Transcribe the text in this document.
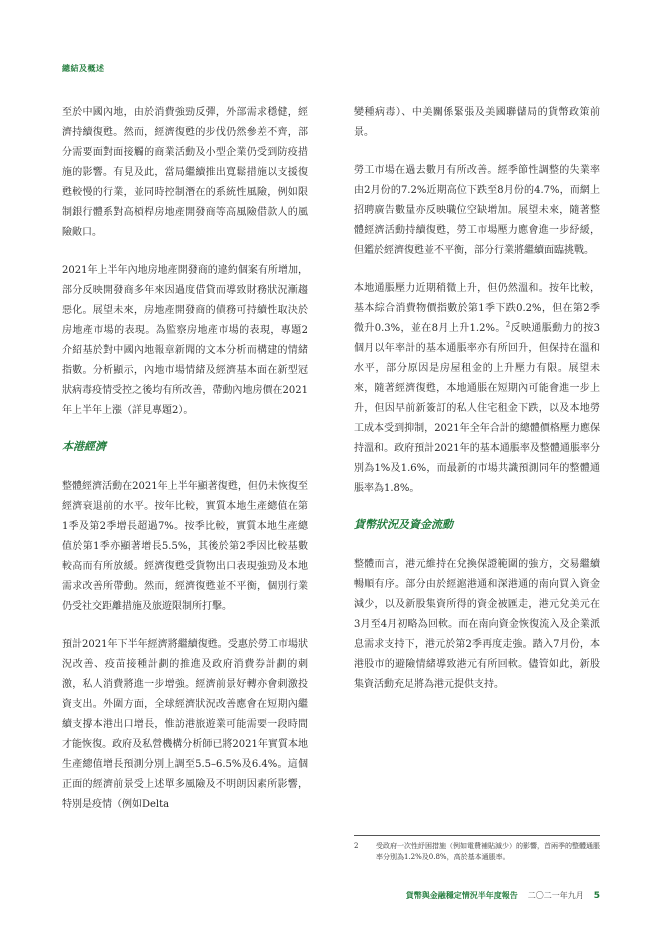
總結及概述

至於中國內地，由於消費強勁反彈，外部需求穩健，經濟持續復甦。然而，經濟復甦的步伐仍然參差不齊，部分需要面對面接觸的商業活動及小型企業仍受到防疫措施的影響。有見及此，當局繼續推出寬鬆措施以支援復甦較慢的行業，並同時控制潛在的系統性風險，例如限制銀行體系對高槓桿房地產開發商等高風險借款人的風險敞口。

2021年上半年內地房地產開發商的違約個案有所增加，部分反映開發商多年來因過度借貸而導致財務狀況漸趨惡化。展望未來，房地產開發商的債務可持續性取決於房地產市場的表現。為監察房地產市場的表現，專題2介紹基於對中國內地報章新聞的文本分析而構建的情緒指數。分析顯示，內地市場情緒及經濟基本面在新型冠狀病毒疫情受控之後均有所改善，帶動內地房價在2021年上半年上漲（詳見專題2）。

本港經濟

整體經濟活動在2021年上半年顯著復甦，但仍未恢復至經濟衰退前的水平。按年比較，實質本地生產總值在第1季及第2季增長超過7%。按季比較，實質本地生產總值於第1季亦顯著增長5.5%，其後於第2季因比較基數較高而有所放緩。經濟復甦受貨物出口表現強勁及本地需求改善所帶動。然而，經濟復甦並不平衡，個別行業仍受社交距離措施及旅遊限制所打擊。

預計2021年下半年經濟將繼續復甦。受惠於勞工市場狀況改善、疫苗接種計劃的推進及政府消費券計劃的刺激，私人消費將進一步增強。經濟前景好轉亦會刺激投資支出。外圍方面，全球經濟狀況改善應會在短期內繼續支撐本港出口增長，惟訪港旅遊業可能需要一段時間才能恢復。政府及私營機構分析師已將2021年實質本地生產總值增長預測分別上調至5.5–6.5%及6.4%。這個正面的經濟前景受上述單多風險及不明朗因素所影響，特別是疫情（例如Delta

變種病毒）、中美關係緊張及美國聯儲局的貨幣政策前景。

勞工市場在過去數月有所改善。經季節性調整的失業率由2月份的7.2%近期高位下跌至8月份的4.7%，而網上招聘廣告數量亦反映職位空缺增加。展望未來，隨著整體經濟活動持續復甦，勞工市場壓力應會進一步紓緩，但鑑於經濟復甦並不平衡，部分行業將繼續面臨挑戰。

本地通脹壓力近期稍微上升，但仍然溫和。按年比較，基本綜合消費物價指數於第1季下跌0.2%，但在第2季微升0.3%，並在8月上升1.2%。$^2$反映通脹動力的按3個月以年率計的基本通脹率亦有所回升，但保持在溫和水平，部分原因是房屋租金的上升壓力有限。展望未來，隨著經濟復甦，本地通脹在短期內可能會進一步上升，但因早前新簽訂的私人住宅租金下跌，以及本地勞工成本受到抑制，2021年全年合計的總體價格壓力應保持溫和。政府預計2021年的基本通脹率及整體通脹率分別為1%及1.6%，而最新的市場共識預測同年的整體通脹率為1.8%。

貨幣狀況及資金流動

整體而言，港元維持在兌換保證範圍的強方，交易繼續暢順有序。部分由於經滬港通和深港通的南向買入資金減少，以及新股集資所得的資金被匯走，港元兌美元在3月至4月初略為回軟。而在南向資金恢復流入及企業派息需求支持下，港元於第2季再度走強。踏入7月份，本港股市的避險情緒導致港元有所回軟。儘管如此，新股集資活動充足將為港元提供支持。

2	受政府一次性紓困措施（例如電費補貼減少）的影響，首兩季的整體通脹率分別為1.2%及0.8%，高於基本通脹率。
貨幣與金融穩定情況半年度報告 二〇二一年九月 5
